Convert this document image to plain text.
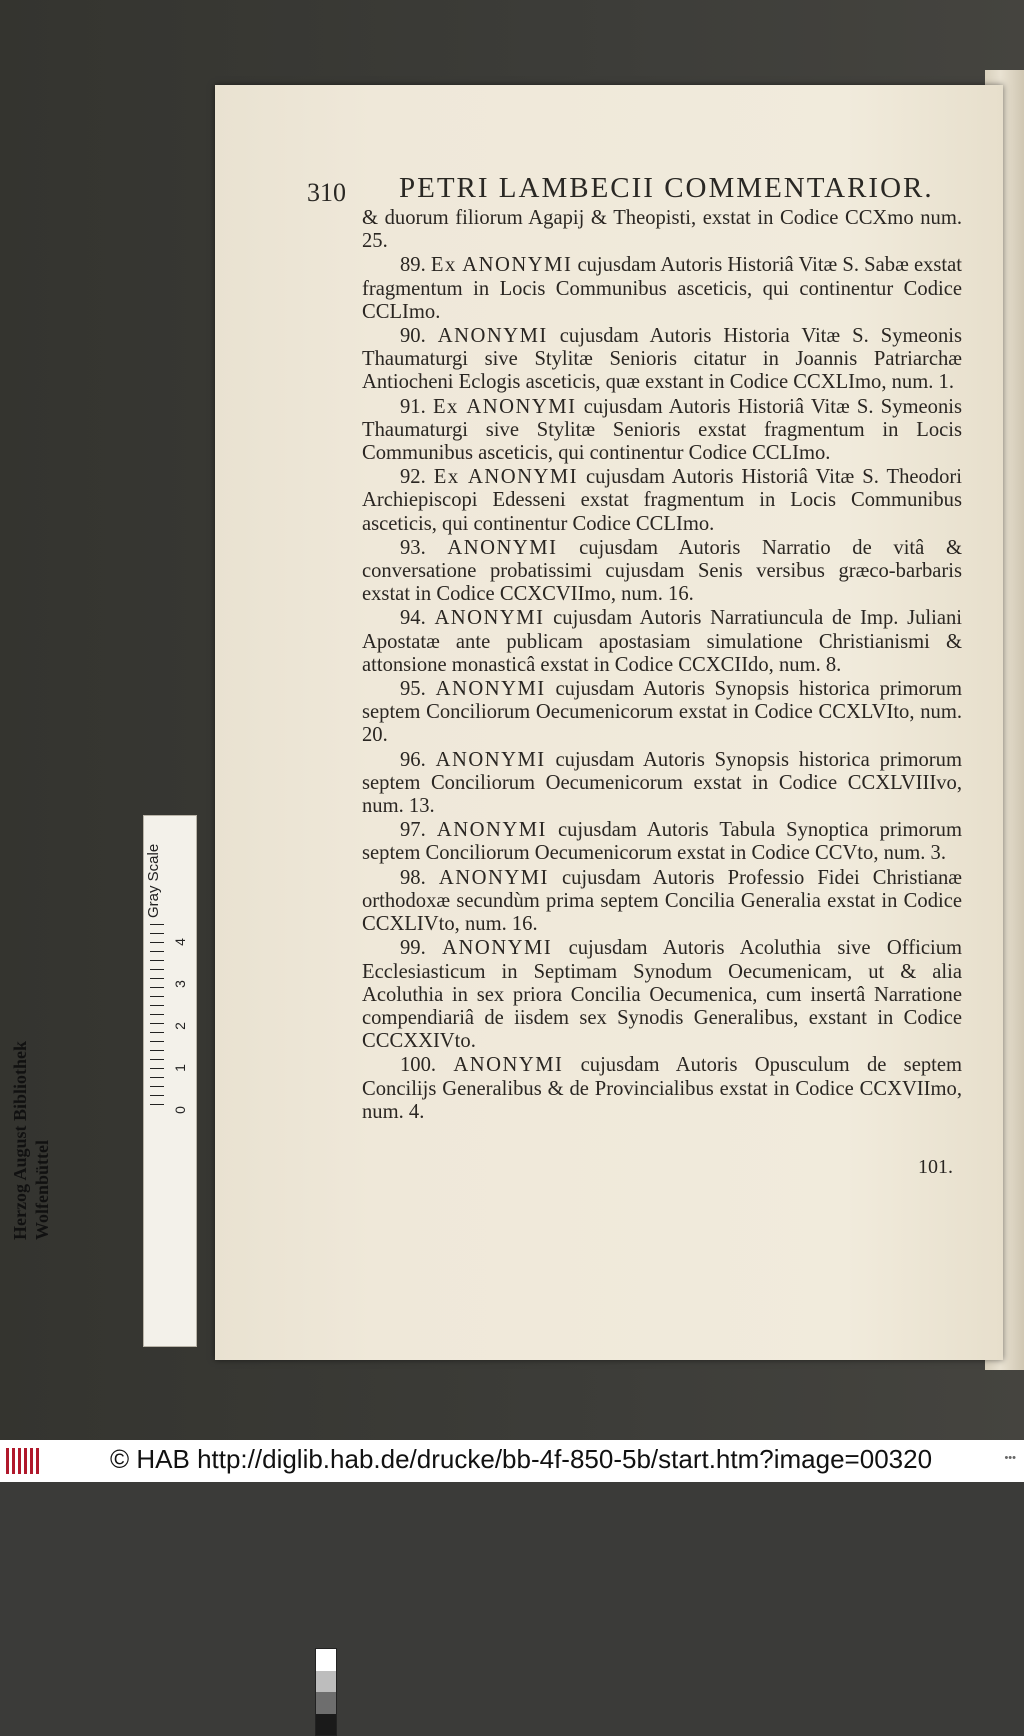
310 PETRI LAMBECII COMMENTARIOR.
& duorum filiorum Agapij & Theopisti, exstat in Codice CCXmo num. 25.
89. Ex ANONYMI cujusdam Autoris Historiâ Vitæ S. Sabæ exstat fragmentum in Locis Communibus asceticis, qui continentur Codice CCLImo.
90. ANONYMI cujusdam Autoris Historia Vitæ S. Symeonis Thaumaturgi sive Stylitæ Senioris citatur in Joannis Patriarchæ Antiocheni Eclogis asceticis, quæ exstant in Codice CCXLImo, num. 1.
91. Ex ANONYMI cujusdam Autoris Historiâ Vitæ S. Symeonis Thaumaturgi sive Stylitæ Senioris exstat fragmentum in Locis Communibus asceticis, qui continentur Codice CCLImo.
92. Ex ANONYMI cujusdam Autoris Historiâ Vitæ S. Theodori Archiepiscopi Edesseni exstat fragmentum in Locis Communibus asceticis, qui continentur Codice CCLImo.
93. ANONYMI cujusdam Autoris Narratio de vitâ & conversatione probatissimi cujusdam Senis versibus græco-barbaris exstat in Codice CCXCVIImo, num. 16.
94. ANONYMI cujusdam Autoris Narratiuncula de Imp. Juliani Apostatæ ante publicam apostasiam simulatione Christianismi & attonsione monasticâ exstat in Codice CCXCIIdo, num. 8.
95. ANONYMI cujusdam Autoris Synopsis historica primorum septem Conciliorum Oecumenicorum exstat in Codice CCXLVIto, num. 20.
96. ANONYMI cujusdam Autoris Synopsis historica primorum septem Conciliorum Oecumenicorum exstat in Codice CCXLVIIIvo, num. 13.
97. ANONYMI cujusdam Autoris Tabula Synoptica primorum septem Conciliorum Oecumenicorum exstat in Codice CCVto, num. 3.
98. ANONYMI cujusdam Autoris Professio Fidei Christianæ orthodoxæ secundùm prima septem Concilia Generalia exstat in Codice CCXLIVto, num. 16.
99. ANONYMI cujusdam Autoris Acoluthia sive Officium Ecclesiasticum in Septimam Synodum Oecumenicam, ut & alia Acoluthia in sex priora Concilia Oecumenica, cum insertâ Narratione compendiariâ de iisdem sex Synodis Generalibus, exstant in Codice CCCXXIVto.
100. ANONYMI cujusdam Autoris Opusculum de septem Concilijs Generalibus & de Provincialibus exstat in Codice CCXVIImo, num. 4.
101.
Gray Scale
0
1
2
3
4
Herzog August Bibliothek Wolfenbüttel
© HAB http://diglib.hab.de/drucke/bb-4f-850-5b/start.htm?image=00320	•••
